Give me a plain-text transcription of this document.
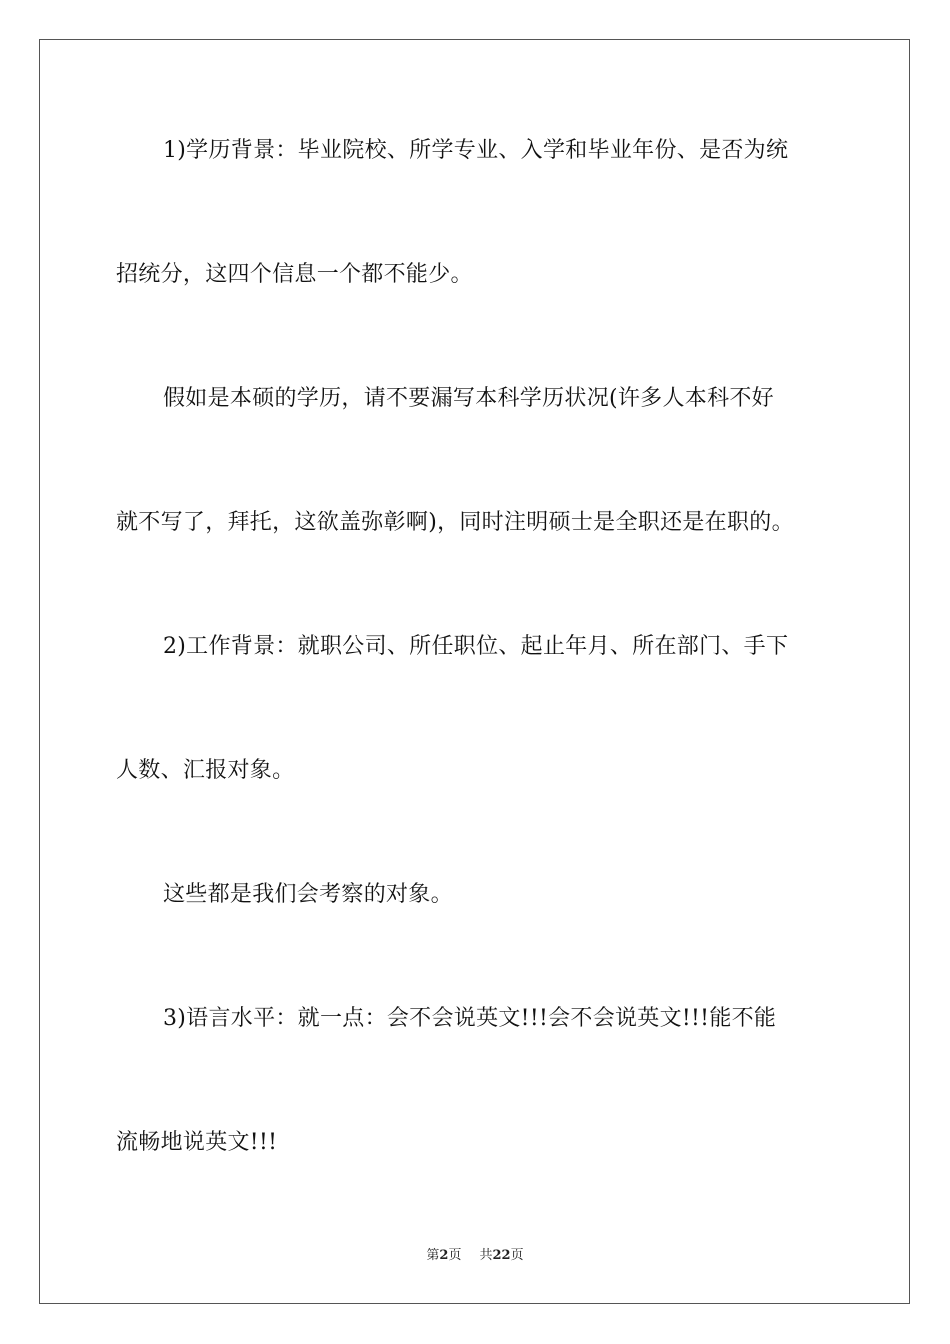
1)学历背景：毕业院校、所学专业、入学和毕业年份、是否为统
招统分，这四个信息一个都不能少。
假如是本硕的学历，请不要漏写本科学历状况(许多人本科不好
就不写了，拜托，这欲盖弥彰啊)，同时注明硕士是全职还是在职的。
2)工作背景：就职公司、所任职位、起止年月、所在部门、手下
人数、汇报对象。
这些都是我们会考察的对象。
3)语言水平：就一点：会不会说英文!!!会不会说英文!!!能不能
流畅地说英文!!!
第2页 共22页
